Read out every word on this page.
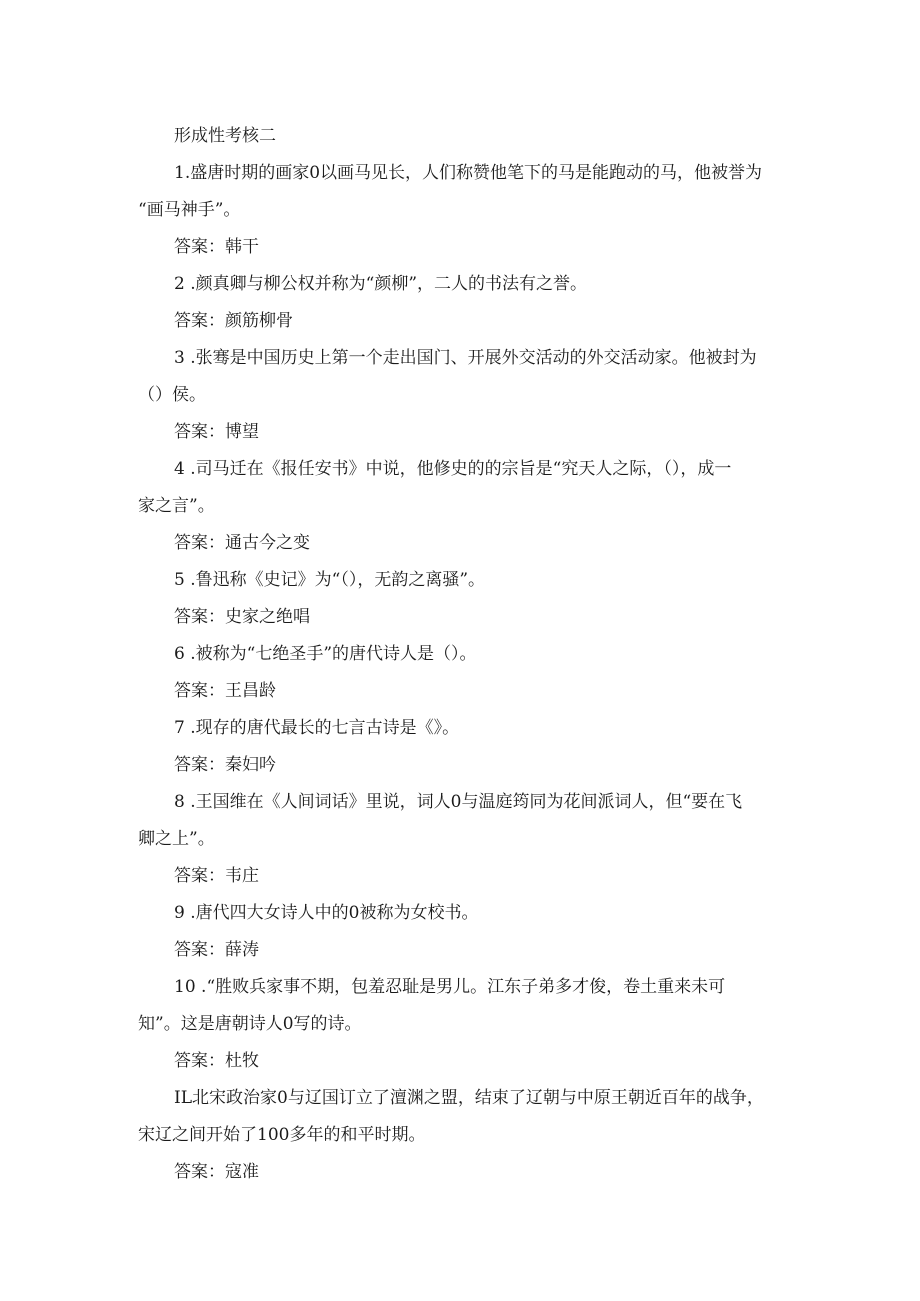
形成性考核二

1.盛唐时期的画家0以画马见长，人们称赞他笔下的马是能跑动的马，他被誉为

“画马神手”。

答案：韩干

2 .颜真卿与柳公权并称为“颜柳”，二人的书法有之誉。

答案：颜筋柳骨

3 .张骞是中国历史上第一个走出国门、开展外交活动的外交活动家。他被封为

（）侯。

答案：博望

4 .司马迁在《报任安书》中说，他修史的的宗旨是“究天人之际，（），成一

家之言”。

答案：通古今之变

5 .鲁迅称《史记》为“（），无韵之离骚”。

答案：史家之绝唱

6 .被称为“七绝圣手”的唐代诗人是（）。

答案：王昌龄

7 .现存的唐代最长的七言古诗是《》。

答案：秦妇吟

8 .王国维在《人间词话》里说，词人0与温庭筠同为花间派词人，但“要在飞

卿之上”。

答案：韦庄

9 .唐代四大女诗人中的0被称为女校书。

答案：薛涛

10 .“胜败兵家事不期，包羞忍耻是男儿。江东子弟多才俊，卷土重来未可

知”。这是唐朝诗人0写的诗。

答案：杜牧

IL北宋政治家0与辽国订立了澶渊之盟，结束了辽朝与中原王朝近百年的战争，

宋辽之间开始了100多年的和平时期。

答案：寇准
